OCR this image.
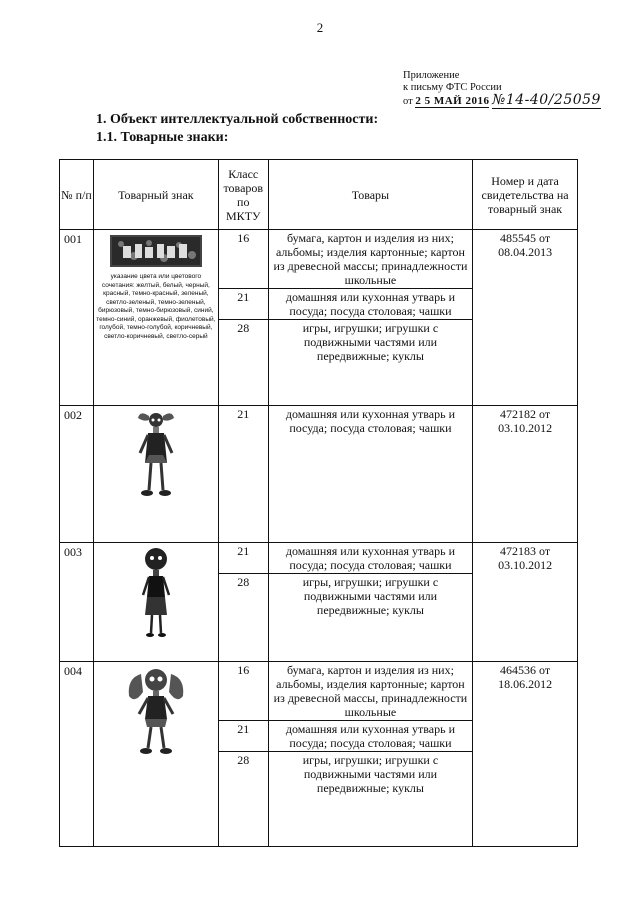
2
Приложение
к письму ФТС России
от 2 5 МАЙ 2016 №14-40/25059
1. Объект интеллектуальной собственности:
1.1. Товарные знаки:
№ п/п	Товарный знак	Класс товаров по МКТУ	Товары	Номер и дата свидетельства на товарный знак
001	указание цвета или цветового сочетания: желтый, белый, черный, красный, темно-красный, зеленый, светло-зеленый, темно-зеленый, бирюзовый, темно-бирюзовый, синий, темно-синий, оранжевый, фиолетовый, голубой, темно-голубой, коричневый, светло-коричневый, светло-серый	16	бумага, картон и изделия из них; альбомы; изделия картонные; картон из древесной массы; принадлежности школьные	485545 от 08.04.2013
		21	домашняя или кухонная утварь и посуда; посуда столовая; чашки	
		28	игры, игрушки; игрушки с подвижными частями или передвижные; куклы	
002		21	домашняя или кухонная утварь и посуда; посуда столовая; чашки	472182 от 03.10.2012
003		21	домашняя или кухонная утварь и посуда; посуда столовая; чашки	472183 от 03.10.2012
		28	игры, игрушки; игрушки с подвижными частями или передвижные; куклы	
004		16	бумага, картон и изделия из них; альбомы, изделия картонные; картон из древесной массы, принадлежности школьные	464536 от 18.06.2012
		21	домашняя или кухонная утварь и посуда; посуда столовая; чашки	
		28	игры, игрушки; игрушки с подвижными частями или передвижные; куклы	
